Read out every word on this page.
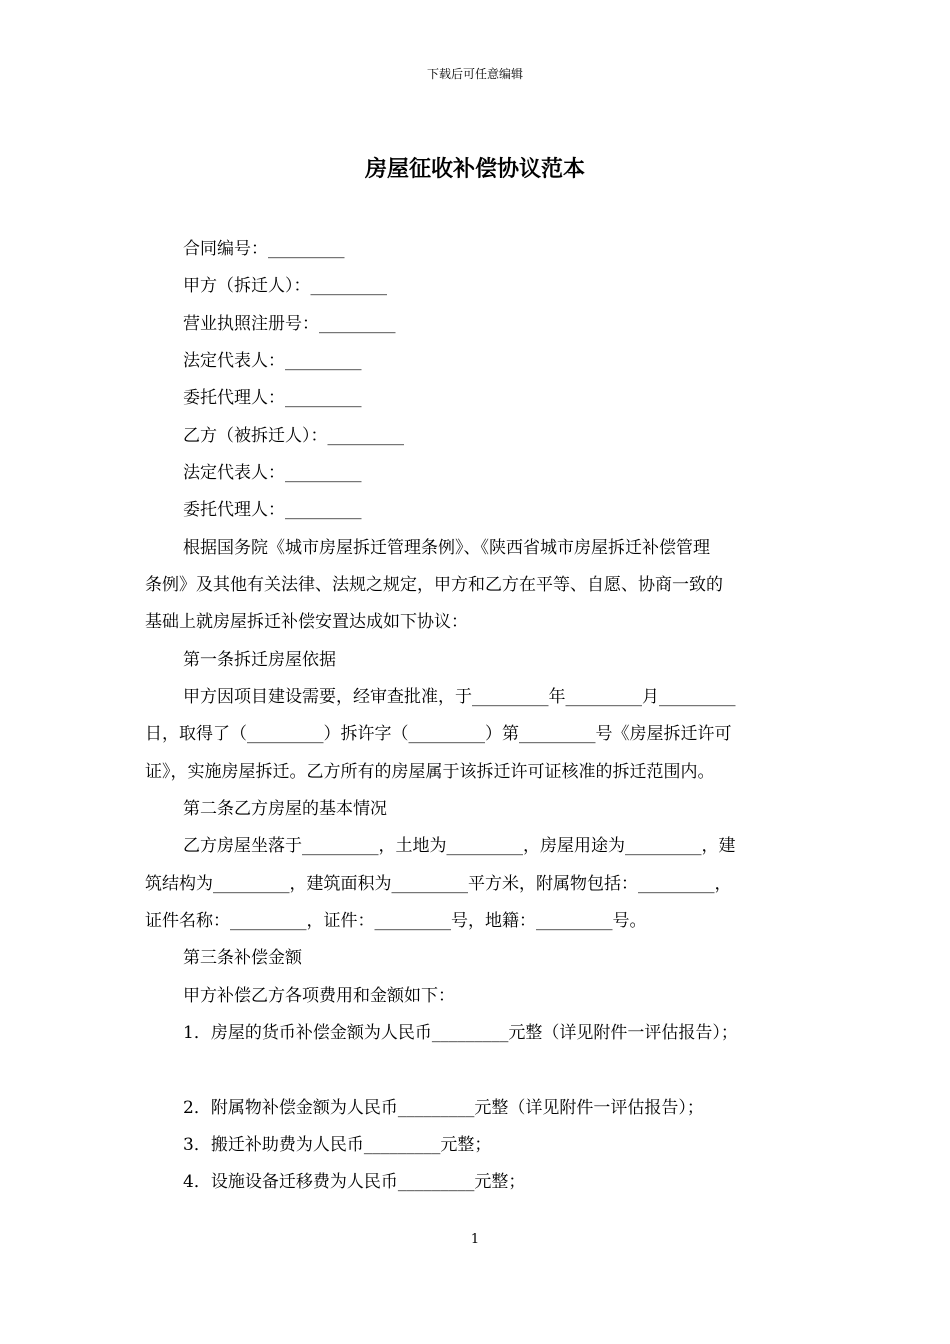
下载后可任意编辑
房屋征收补偿协议范本
合同编号：_________
甲方（拆迁人）：_________
营业执照注册号：_________
法定代表人：_________
委托代理人：_________
乙方（被拆迁人）：_________
法定代表人：_________
委托代理人：_________
根据国务院《城市房屋拆迁管理条例》、《陕西省城市房屋拆迁补偿管理
条例》及其他有关法律、法规之规定，甲方和乙方在平等、自愿、协商一致的
基础上就房屋拆迁补偿安置达成如下协议：
第一条拆迁房屋依据
甲方因项目建设需要，经审查批准，于_________年_________月_________
日，取得了（_________）拆许字（_________）第_________号《房屋拆迁许可
证》，实施房屋拆迁。乙方所有的房屋属于该拆迁许可证核准的拆迁范围内。
第二条乙方房屋的基本情况
乙方房屋坐落于_________，土地为_________，房屋用途为_________，建
筑结构为_________，建筑面积为_________平方米，附属物包括：_________，
证件名称：_________，证件：_________号，地籍：_________号。
第三条补偿金额
甲方补偿乙方各项费用和金额如下：
1．房屋的货币补偿金额为人民币_________元整（详见附件一评估报告）；
2．附属物补偿金额为人民币_________元整（详见附件一评估报告）；
3．搬迁补助费为人民币_________元整；
4．设施设备迁移费为人民币_________元整；
1
